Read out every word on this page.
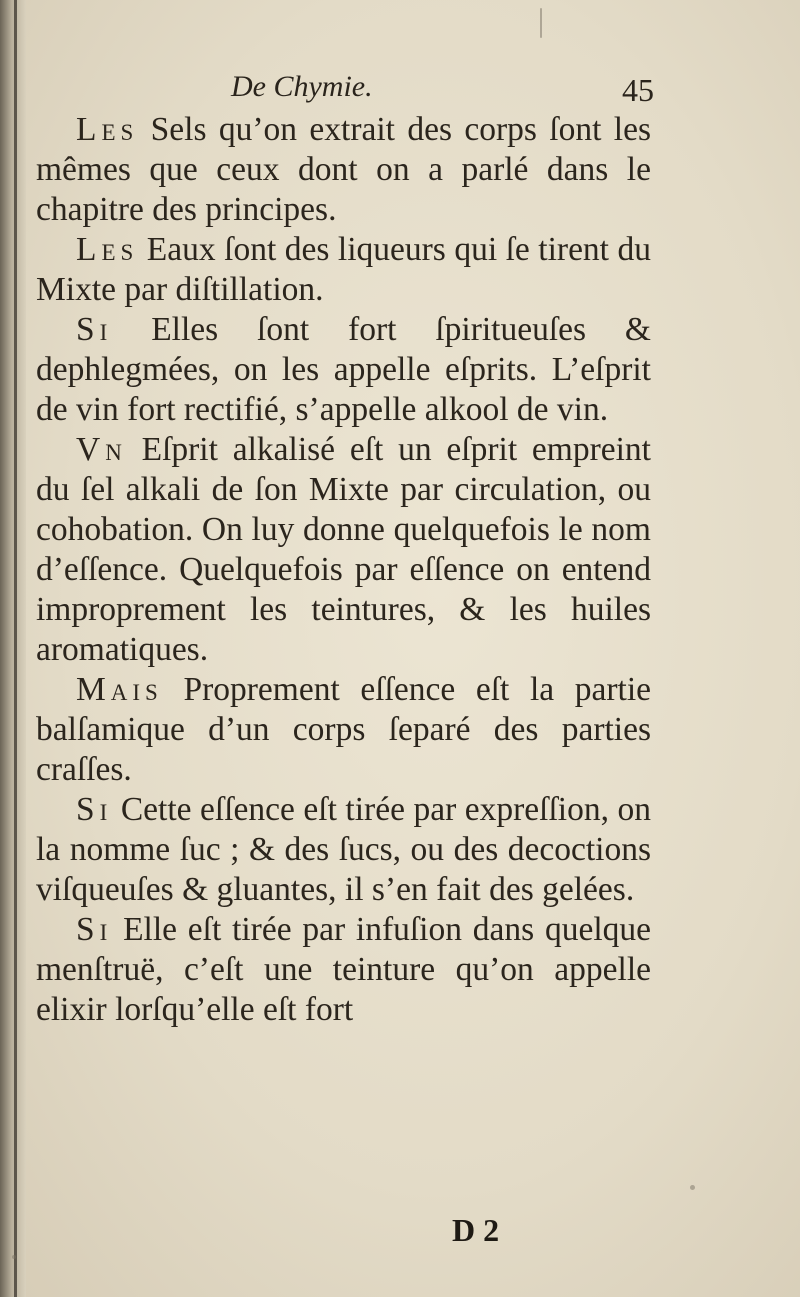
De Chymie.	45

Les Sels qu’on extrait des corps ſont les mêmes que ceux dont on a parlé dans le chapitre des principes.

Les Eaux ſont des liqueurs qui ſe tirent du Mixte par diſtillation.

Si Elles ſont fort ſpiritueuſes & dephlegmées, on les appelle eſprits. L’eſprit de vin fort rectifié, s’appelle alkool de vin.

Vn Eſprit alkalisé eſt un eſprit empreint du ſel alkali de ſon Mixte par circulation, ou cohobation. On luy donne quelquefois le nom d’eſſence. Quelquefois par eſſence on entend improprement les teintures, & les huiles aromatiques.

Mais Proprement eſſence eſt la partie balſamique d’un corps ſeparé des parties craſſes.

Si Cette eſſence eſt tirée par expreſſion, on la nomme ſuc ; & des ſucs, ou des decoctions viſqueuſes & gluantes, il s’en fait des gelées.

Si Elle eſt tirée par infuſion dans quelque menſtruë, c’eſt une teinture qu’on appelle elixir lorſqu’elle eſt fort

D 2
